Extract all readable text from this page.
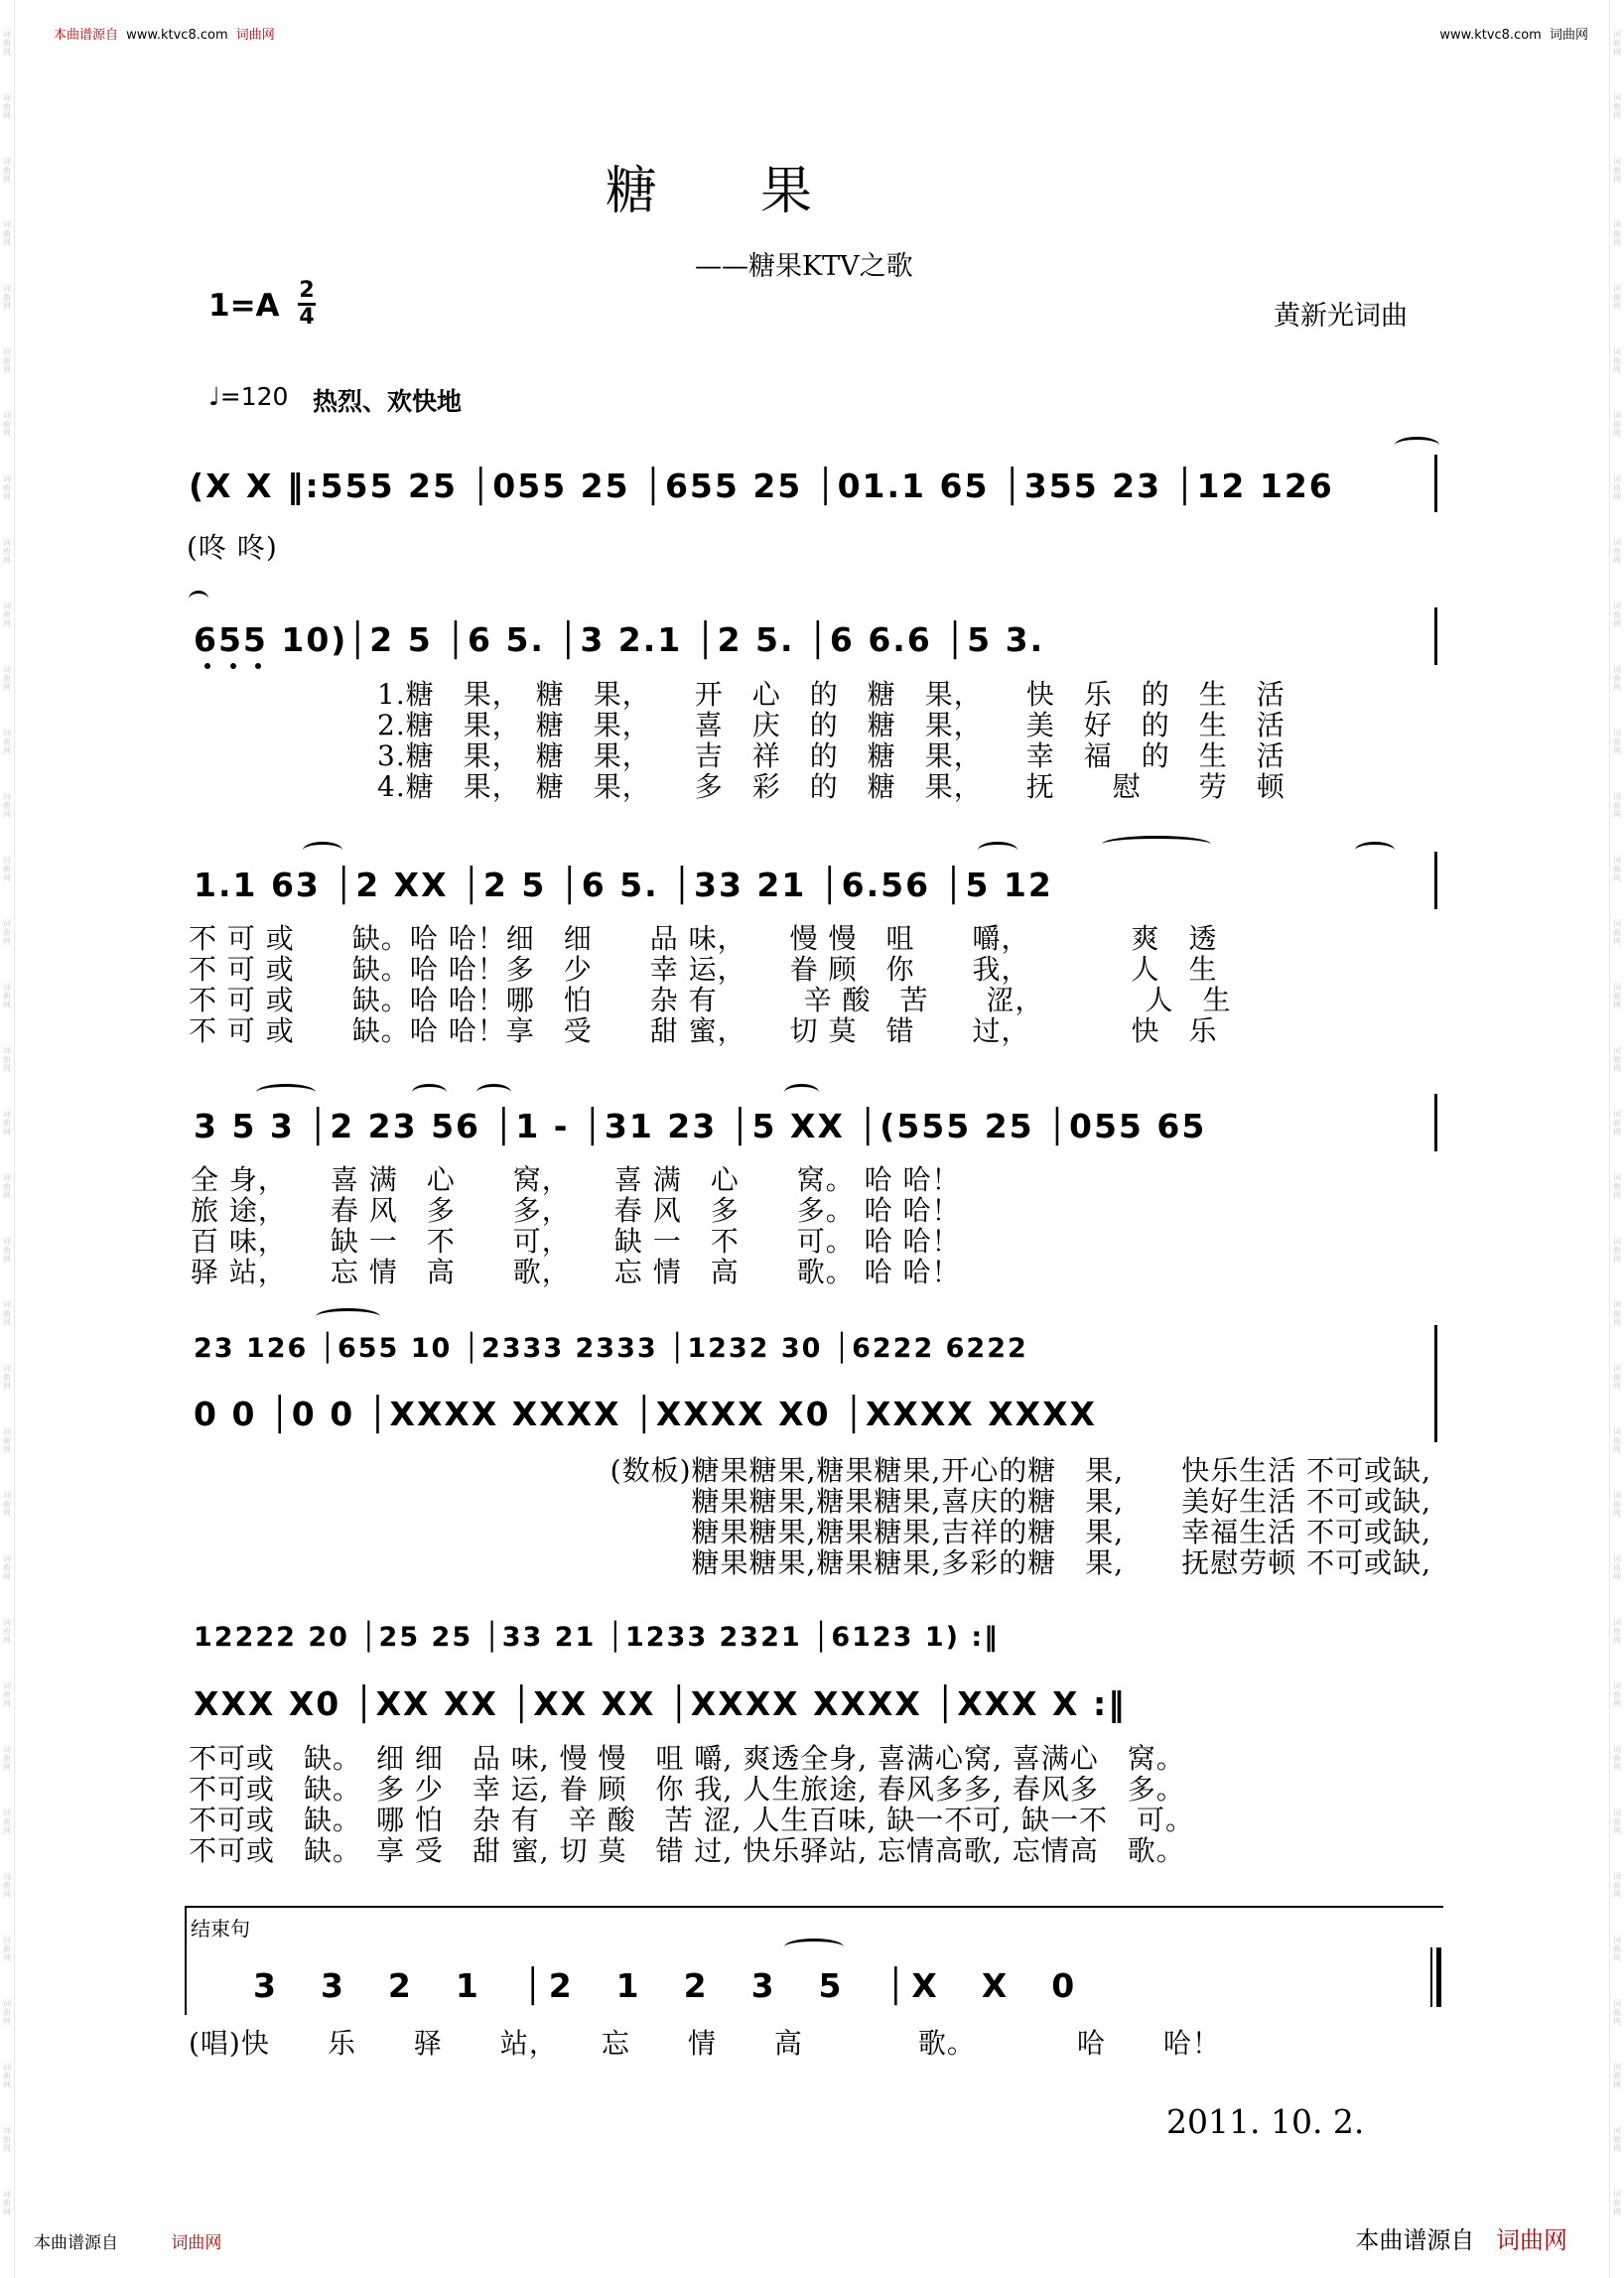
词曲网
词曲网
词曲网
词曲网
词曲网
词曲网
词曲网
词曲网
词曲网
词曲网
词曲网
词曲网
词曲网
词曲网
词曲网
词曲网
词曲网
词曲网
词曲网
词曲网
词曲网
词曲网
词曲网
词曲网
词曲网
词曲网
词曲网
词曲网
词曲网
词曲网
词曲网
词曲网
词曲网
词曲网
词曲网
词曲网
词曲网
词曲网
词曲网
词曲网
词曲网
词曲网
词曲网
词曲网
词曲网
词曲网
词曲网
词曲网
词曲网
词曲网
词曲网
词曲网
词曲网
词曲网
词曲网
词曲网
词曲网
词曲网
词曲网
词曲网
词曲网
词曲网
词曲网
词曲网
词曲网
词曲网
词曲网
词曲网
词曲网
词曲网
本曲谱源自 www.ktvc8.com 词曲网	www.ktvc8.com 词曲网
糖　　果
——糖果KTV之歌
1=A 2
4	黄新光词曲
♩=120 热烈、欢快地
(X X ‖:555 25 │055 25 │655 25 │01.1 65 │355 23 │12 126
(咚 咚)
655 10)│2 5 │6 5. │3 2.1 │2 5. │6 6.6 │5 3.
1.糖　果，　糖　果，　　开　心　的　糖　果，　　快　乐　的　生　活
2.糖　果，　糖　果，　　喜　庆　的　糖　果，　　美　好　的　生　活
3.糖　果，　糖　果，　　吉　祥　的　糖　果，　　幸　福　的　生　活
4.糖　果，　糖　果，　　多　彩　的　糖　果，　　抚　　慰　　劳　顿
1.1 63 │2 XX │2 5 │6 5. │33 21 │6.56 │5 12
不 可 或　　缺。哈 哈！细　细　　品 味，　　慢 慢　咀　　嚼，　　　　爽　透
不 可 或　　缺。哈 哈！多　少　　幸 运，　　眷 顾　你　　我，　　　　人　生
不 可 或　　缺。哈 哈！哪　怕　　杂 有　　　辛 酸　苦　　涩，　　　　人　生
不 可 或　　缺。哈 哈！享　受　　甜 蜜，　　切 莫　错　　过，　　　　快　乐
3 5 3 │2 23 56 │1 - │31 23 │5 XX │(555 25 │055 65
全 身，　　喜 满　心　　窝，　　喜 满　心　　窝。 哈 哈！
旅 途，　　春 风　多　　多，　　春 风　多　　多。 哈 哈！
百 味，　　缺 一　不　　可，　　缺 一　不　　可。 哈 哈！
驿 站，　　忘 情　高　　歌，　　忘 情　高　　歌。 哈 哈！
23 126 │655 10 │2333 2333 │1232 30 │6222 6222
0 0 │0 0 │XXXX XXXX │XXXX X0 │XXXX XXXX
(数板)糖果糖果,糖果糖果,开心的糖　果,　　快乐生活 不可或缺,
糖果糖果,糖果糖果,喜庆的糖　果,　　美好生活 不可或缺,
糖果糖果,糖果糖果,吉祥的糖　果,　　幸福生活 不可或缺,
糖果糖果,糖果糖果,多彩的糖　果,　　抚慰劳顿 不可或缺,
12222 20 │25 25 │33 21 │1233 2321 │6123 1) :‖
XXX X0 │XX XX │XX XX │XXXX XXXX │XXX X :‖
不可或　缺。　细 细　品 味, 慢 慢　咀 嚼, 爽透全身, 喜满心窝, 喜满心　窝。
不可或　缺。　多 少　幸 运, 眷 顾　你 我, 人生旅途, 春风多多, 春风多　多。
不可或　缺。　哪 怕　杂 有　辛 酸　苦 涩, 人生百味, 缺一不可, 缺一不　可。
不可或　缺。　享 受　甜 蜜, 切 莫　错 过, 快乐驿站, 忘情高歌, 忘情高　歌。
结束句
3　3　2　1　│2　1　2　3　5　│X　X　0
(唱)快　　乐　　驿　　站，　　忘　　情　　高　　　　歌。　　　　哈　　哈！
2011. 10. 2.
本曲谱源自	词曲网	本曲谱源自 词曲网
